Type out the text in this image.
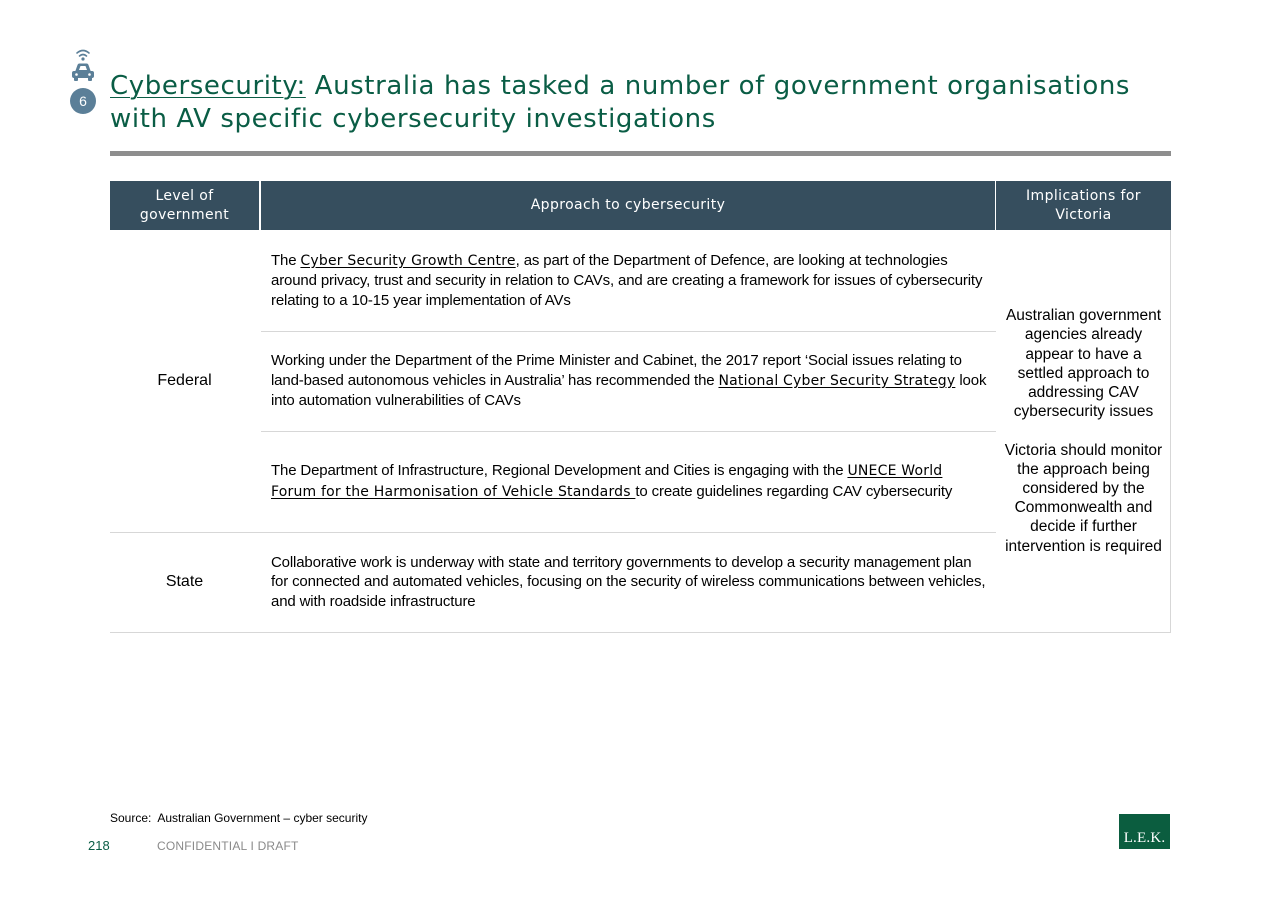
6 Cybersecurity: Australia has tasked a number of government organisations with AV specific cybersecurity investigations
Level of government
Approach to cybersecurity
Implications for Victoria
Federal
The Cyber Security Growth Centre, as part of the Department of Defence, are looking at technologies around privacy, trust and security in relation to CAVs, and are creating a framework for issues of cybersecurity relating to a 10-15 year implementation of AVs
Working under the Department of the Prime Minister and Cabinet, the 2017 report ‘Social issues relating to land-based autonomous vehicles in Australia’ has recommended the National Cyber Security Strategy look into automation vulnerabilities of CAVs
The Department of Infrastructure, Regional Development and Cities is engaging with the UNECE World Forum for the Harmonisation of Vehicle Standards to create guidelines regarding CAV cybersecurity
State
Collaborative work is underway with state and territory governments to develop a security management plan for connected and automated vehicles, focusing on the security of wireless communications between vehicles, and with roadside infrastructure

Australian government agencies already appear to have a settled approach to addressing CAV cybersecurity issues

Victoria should monitor the approach being considered by the Commonwealth and decide if further intervention is required

Source: Australian Government – cyber security
218	CONFIDENTIAL I DRAFT	L.E.K.
